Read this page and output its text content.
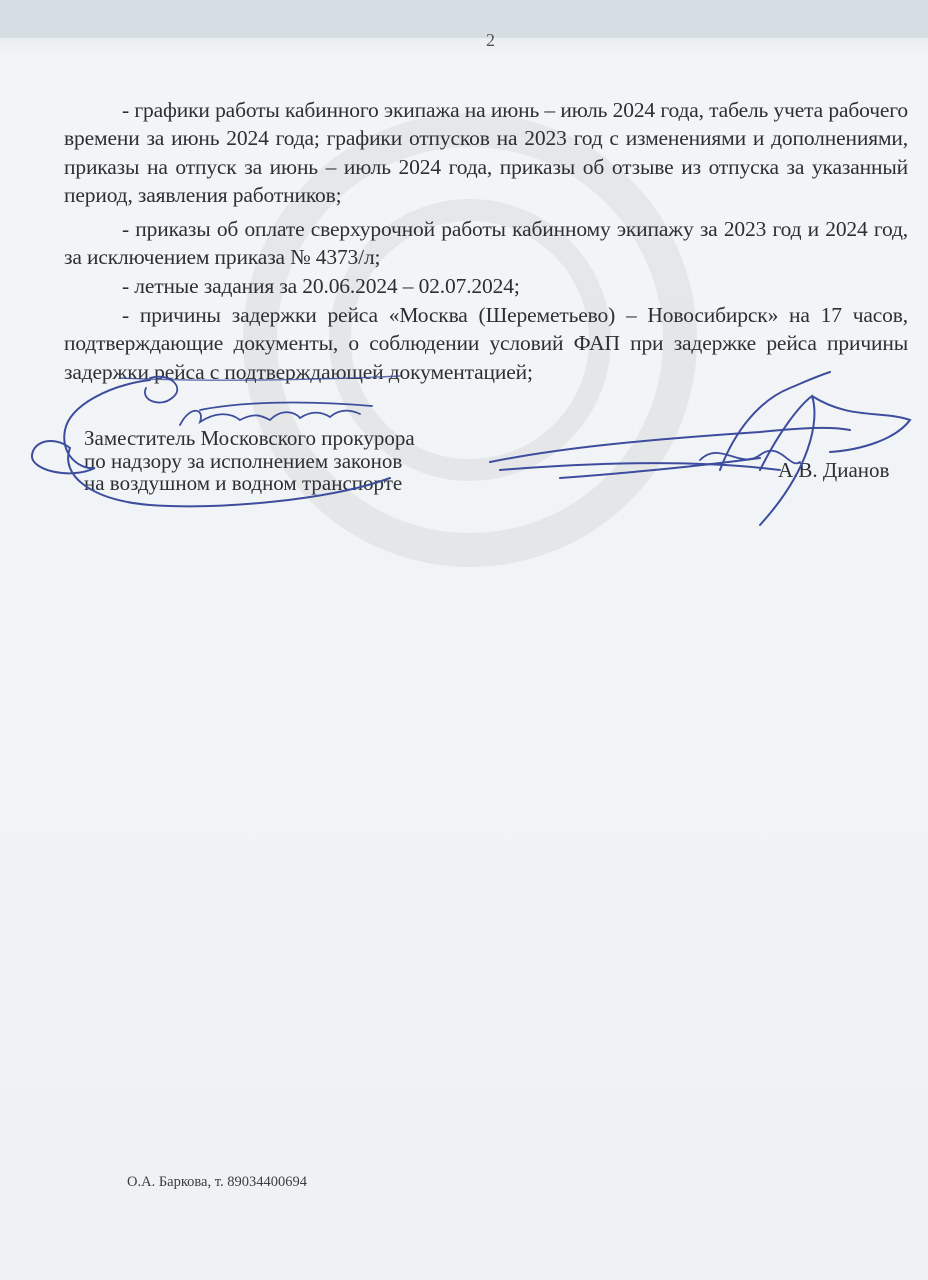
2

- графики работы кабинного экипажа на июнь – июль 2024 года, табель учета рабочего времени за июнь 2024 года; графики отпусков на 2023 год с изменениями и дополнениями, приказы на отпуск за июнь – июль 2024 года, приказы об отзыве из отпуска за указанный период, заявления работников;

- приказы об оплате сверхурочной работы кабинному экипажу за 2023 год и 2024 год, за исключением приказа № 4373/л;

- летные задания за 20.06.2024 – 02.07.2024;

- причины задержки рейса «Москва (Шереметьево) – Новосибирск» на 17 часов, подтверждающие документы, о соблюдении условий ФАП при задержке рейса причины задержки рейса с подтверждающей документацией;

Заместитель Московского прокурора
по надзору за исполнением законов
на воздушном и водном транспорте
А.В. Дианов
О.А. Баркова, т. 89034400694
